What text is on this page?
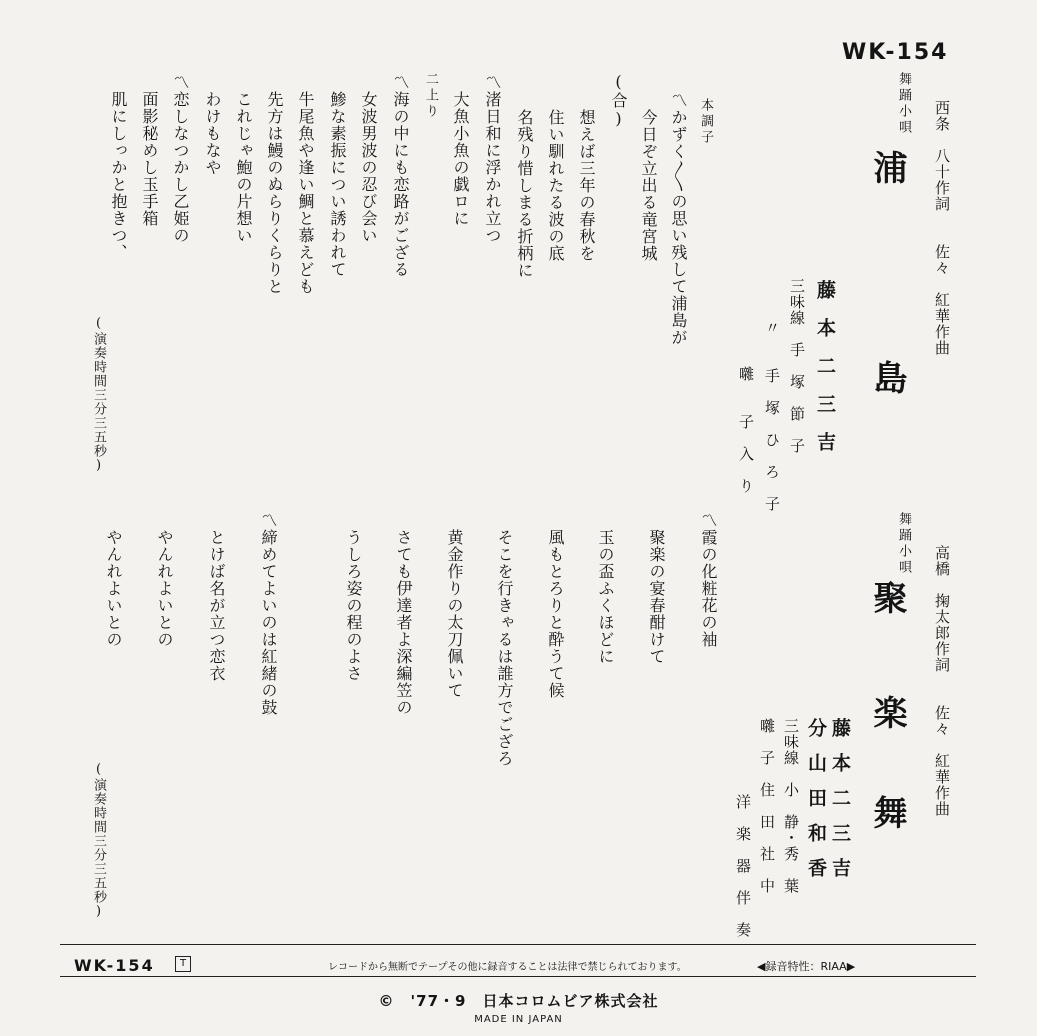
WK-154
舞踊小唄 西条　八十作詞　　佐々　紅華作曲
浦
島
藤　本　二　三　吉
三味線　手　塚　節　子
〃　　手　塚　ひ　ろ　子
　　　囃　　子　入　り
本調子
〽かずく〳〵の思い残して浦島が
　今日ぞ立出る竜宮城
(合)
　想えば三年の春秋を
　住い馴れたる波の底
　名残り惜しまる折柄に
〽渚日和に浮かれ立つ
　大魚小魚の戯ロに
二上り
〽海の中にも恋路がござる
　女波男波の忍び会い
　鯵な素振につい誘われて
　牛尾魚や逢い鯛と慕えども
　先方は鰻のぬらりくらりと
　これじゃ鮑の片想い
　わけもなや
〽恋しなつかし乙姫の
　面影秘めし玉手箱
　肌にしっかと抱きつ、
(演奏時間三分三五秒)
舞踊小唄
高橋　掬太郎作詞　　佐々　紅華作曲
聚
楽
舞
藤本二三吉
分山田和香
三味線　小　静・秀　葉
囃　子　住　田　社　中
洋　楽　器　伴　奏
〽霞の化粧花の袖
　聚楽の宴春酣けて
　玉の盃ふくほどに
　風もとろりと酔うて候
　そこを行きゃるは誰方でござろ
　黄金作りの太刀佩いて
　さても伊達者よ深編笠の
　うしろ姿の程のよさ
〽締めてよいのは紅緒の鼓
　とけば名が立つ恋衣
　やんれよいとの
　やんれよいとの
(演奏時間三分三五秒)
WK-154	T	レコードから無断でテープその他に録音することは法律で禁じられております。	◀録音特性：RIAA▶
©　'77・9　日本コロムビア株式会社
MADE IN JAPAN
